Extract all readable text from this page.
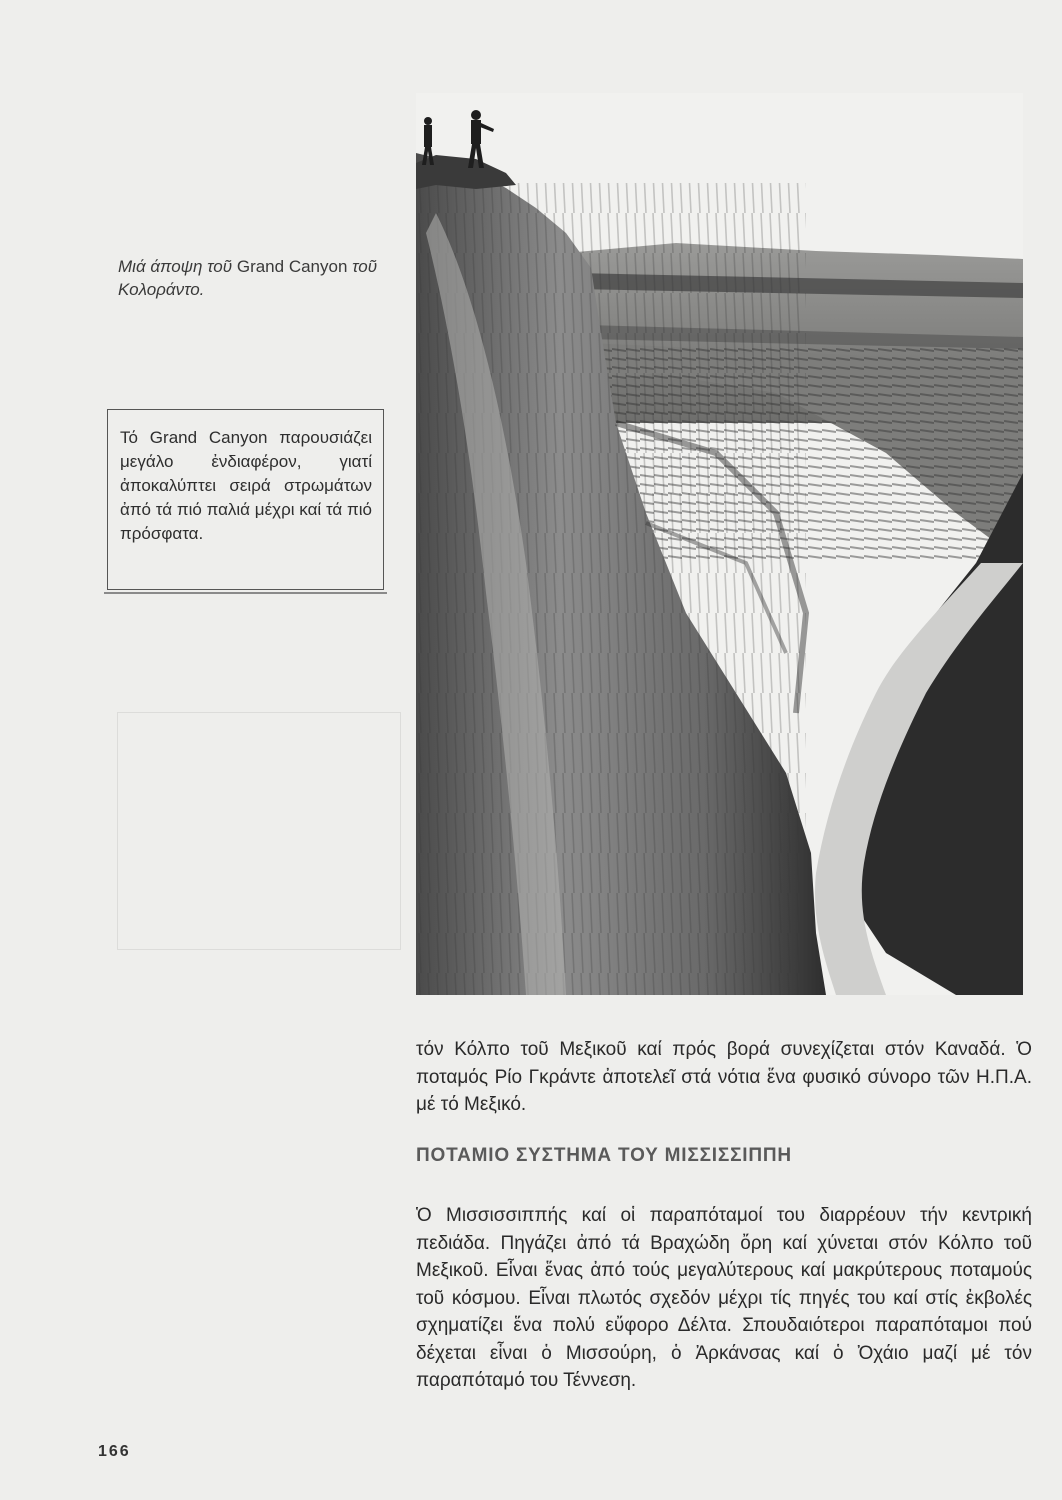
Μιά άποψη τοῦ Grand Canyon τοῦ Κολοράντο.
Τό Grand Canyon παρουσιάζει μεγάλο ἐνδιαφέρον, γιατί ἀποκαλύπτει σειρά στρωμάτων ἀπό τά πιό παλιά μέχρι καί τά πιό πρόσφατα.
τόν Κόλπο τοῦ Μεξικοῦ καί πρός βορά συνεχίζεται στόν Καναδά. Ὁ ποταμός Ρίο Γκράντε ἀποτελεῖ στά νότια ἕνα φυσικό σύνορο τῶν Η.Π.Α. μέ τό Μεξικό.
ΠΟΤΑΜΙΟ ΣΥΣΤΗΜΑ ΤΟΥ ΜΙΣΣΙΣΣΙΠΠΗ
Ὁ Μισσισσιππής καί οἱ παραπόταμοί του διαρρέουν τήν κεντρική πεδιάδα. Πηγάζει ἀπό τά Βραχώδη ὄρη καί χύνεται στόν Κόλπο τοῦ Μεξικοῦ. Εἶναι ἕνας ἀπό τούς μεγαλύτερους καί μακρύτερους ποταμούς τοῦ κόσμου. Εἶναι πλωτός σχεδόν μέχρι τίς πηγές του καί στίς ἐκβολές σχηματίζει ἕνα πολύ εὔφορο Δέλτα. Σπουδαιότεροι παραπόταμοι πού δέχεται εἶναι ὁ Μισσούρη, ὁ Ἀρκάνσας καί ὁ Ὀχάιο μαζί μέ τόν παραπόταμό του Τέννεση.
166
